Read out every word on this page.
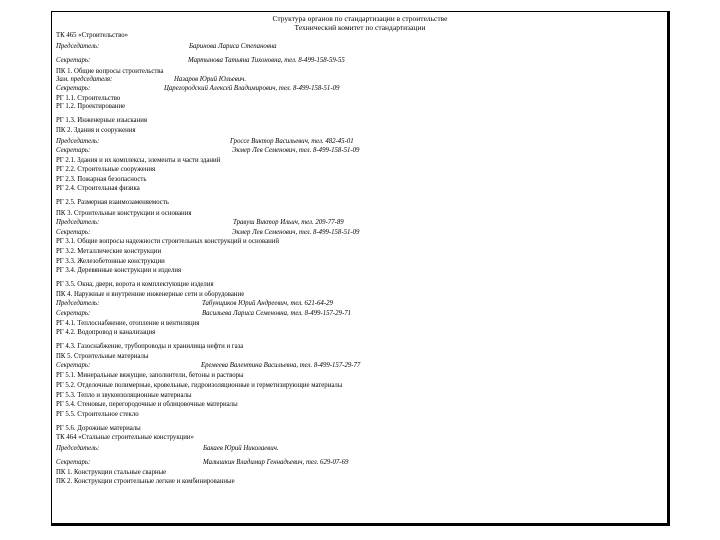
Структура органов по стандартизации в строительстве
Технический комитет по стандартизации
ТК 465 «Строительство»
Председатель:	Баринова Лариса Степановна
Секретарь:	Мартынова Татьяна Тихоновна, тел. 8-499-158-59-55
ПК 1. Общие вопросы строительства
Зам. председателя:	Назаров Юрий Юльевич.
Секретарь:	Царегородский Алексей Владимирович, тел. 8-499-158-51-09
РГ 1.1. Строительство
РГ 1.2. Проектирование
РГ 1.3. Инженерные изыскания
ПК 2. Здания и сооружения
Председатель:	Гроссе Виктор Васильевич, тел. 482-45-01
Секретарь:	Экмер Лев Семенович, тел. 8-499-158-51-09
РГ 2.1. Здания и их комплексы, элементы и части зданий
РГ 2.2. Строительные сооружения
РГ 2.3. Пожарная безопасность
РГ 2.4. Строительная физика
РГ 2.5. Размерная взаимозаменяемость
ПК 3. Строительные конструкции и основания
Председатель:	Травуш Виктор Ильич, тел. 209-77-89
Секретарь:	Экмер Лев Семенович, тел. 8-499-158-51-09
РГ 3.1. Общие вопросы надежности строительных конструкций и оснований
РГ 3.2. Металлические конструкции
РГ 3.3. Железобетонные конструкции
РГ 3.4. Деревянные конструкции и изделия
РГ 3.5. Окна, двери, ворота и комплектующие изделия
ПК 4. Наружные и внутренние инженерные сети и оборудование
Председатель:	Табунщиков Юрий Андреевич, тел. 621-64-29
Секретарь:	Васильева Лариса Семеновна, тел. 8-499-157-29-71
РГ 4.1. Теплоснабжение, отопление и вентиляция
РГ 4.2. Водопровод и канализация
РГ 4.3. Газоснабжение, трубопроводы и хранилища нефти и газа
ПК 5. Строительные материалы
Секретарь:	Еремеева Валентина Васильевна, тел. 8-499-157-29-77
РГ 5.1. Минеральные вяжущие, заполнители, бетоны и растворы
РГ 5.2. Отделочные полимерные, кровельные, гидроизоляционные и герметизирующие материалы
РГ 5.3. Тепло и звукоизоляционные материалы
РГ 5.4. Стеновые, перегородочные и облицовочные материалы
РГ 5.5. Строительное стекло
РГ 5.6. Дорожные материалы
ТК 464 «Стальные строительные конструкции»
Председатель:	Бакаев Юрий Николаевич.
Секретарь:	Малышкин Владимир Геннадьевич, тел. 629-07-69
ПК 1. Конструкции стальные сварные
ПК 2. Конструкции строительные легкие и комбинированные
